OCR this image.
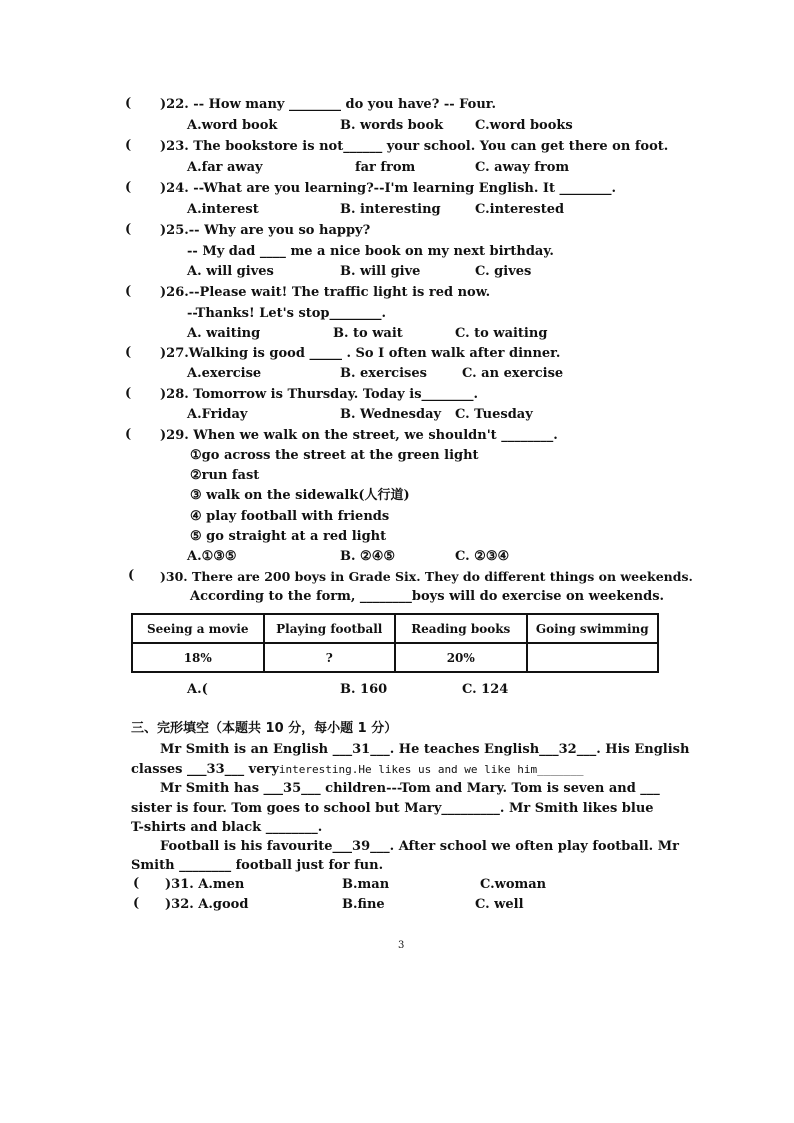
( )22. -- How many ________ do you have? -- Four.
A.word book	B. words book C.word books
( )23. The bookstore is not______ your school. You can get there on foot.
A.far away	far from	C. away from
( )24. --What are you learning?--I'm learning English. It ________.
A.interest	B. interesting	C.interested
( )25.-- Why are you so happy?
-- My dad ____ me a nice book on my next birthday.
A. will gives	B. will give	C. gives
( )26.--Please wait! The traffic light is red now.
--Thanks! Let's stop________.
A. waiting	B. to wait	C. to waiting
( )27.Walking is good _____ . So I often walk after dinner.
A.exercise	B. exercises	C. an exercise
( )28. Tomorrow is Thursday. Today is________.
A.Friday	B. Wednesday C. Tuesday
( )29. When we walk on the street, we shouldn't ________.
①go across the street at the green light
②run fast
③ walk on the sidewalk(人行道)
④ play football with friends
⑤ go straight at a red light
A.①③⑤	B. ②④⑤	C. ②③④
( )30. There are 200 boys in Grade Six. They do different things on weekends.
According to the form, ________boys will do exercise on weekends.
Seeing a movie	Playing football	Reading books	Going swimming
18%	?	20%	
A.(	B. 160	C. 124
三、完形填空（本题共 10 分，每小题 1 分）
Mr Smith is an English ___31___. He teaches English___32___. His English
classes ___33___ veryinteresting.He likes us and we like him_______
Mr Smith has ___35___ children---Tom and Mary. Tom is seven and ___
sister is four. Tom goes to school but Mary_________. Mr Smith likes blue
T-shirts and black ________.
Football is his favourite___39___. After school we often play football. Mr
Smith ________ football just for fun.
( )31. A.men	B.man	C.woman
( )32. A.good	B.fine	C. well
3
